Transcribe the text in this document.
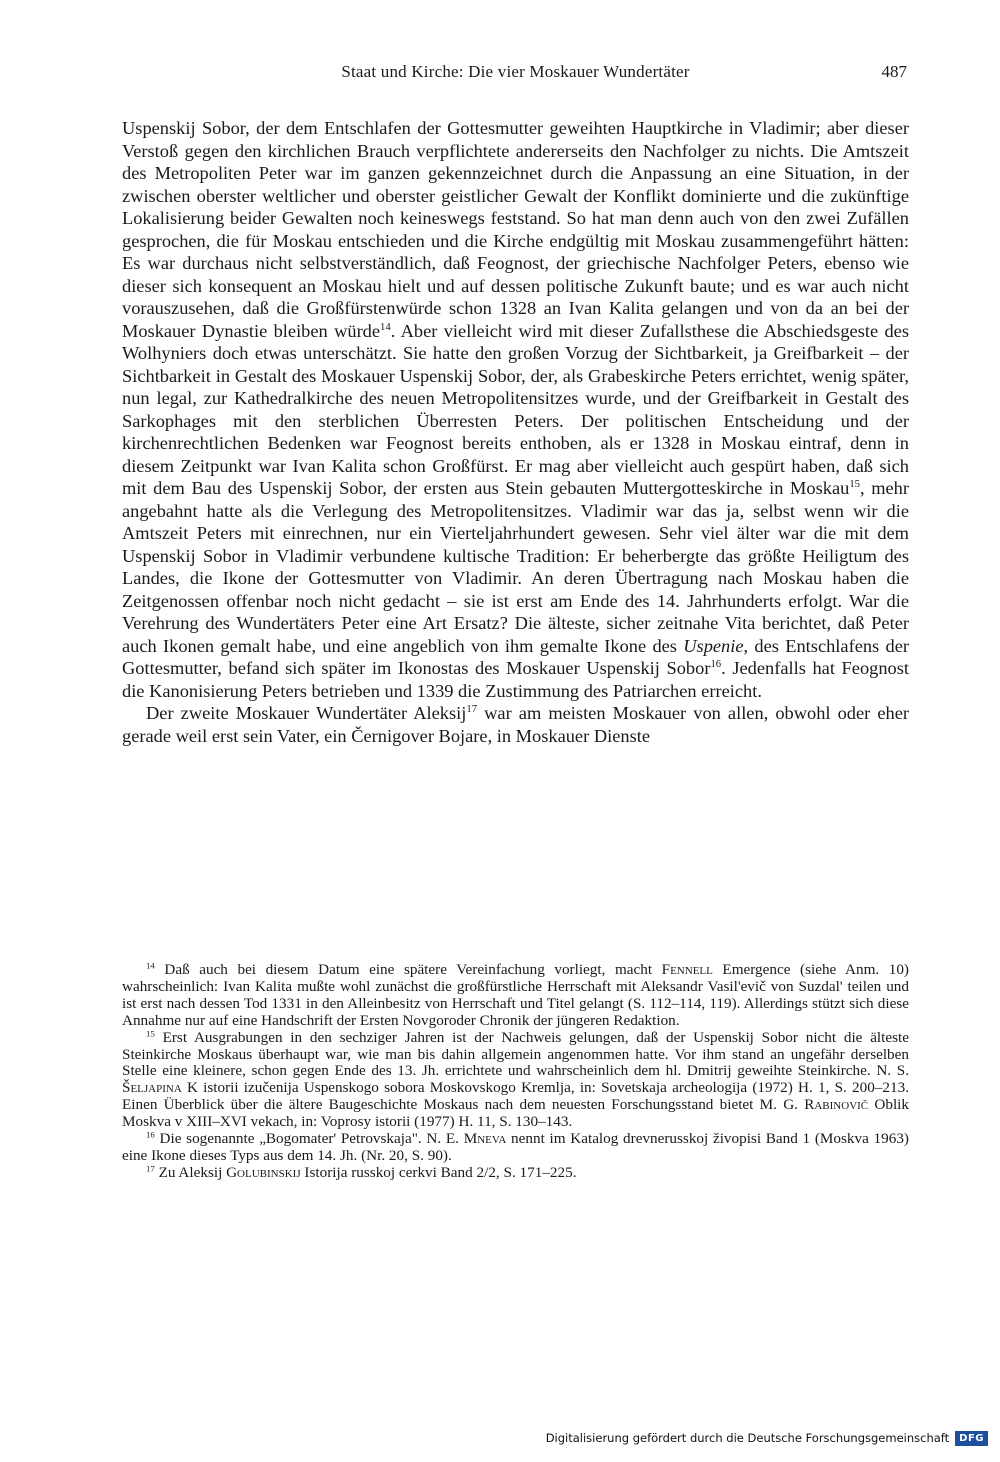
Staat und Kirche: Die vier Moskauer Wundertäter	487

Uspenskij Sobor, der dem Entschlafen der Gottesmutter geweihten Hauptkirche in Vladimir; aber dieser Verstoß gegen den kirchlichen Brauch verpflichtete andererseits den Nachfolger zu nichts. Die Amtszeit des Metropoliten Peter war im ganzen gekennzeichnet durch die Anpassung an eine Situation, in der zwischen oberster weltlicher und oberster geistlicher Gewalt der Konflikt dominierte und die zukünftige Lokalisierung beider Gewalten noch keineswegs feststand. So hat man denn auch von den zwei Zufällen gesprochen, die für Moskau entschieden und die Kirche endgültig mit Moskau zusammengeführt hätten: Es war durchaus nicht selbstverständlich, daß Feognost, der griechische Nachfolger Peters, ebenso wie dieser sich konsequent an Moskau hielt und auf dessen politische Zukunft baute; und es war auch nicht vorauszusehen, daß die Großfürstenwürde schon 1328 an Ivan Kalita gelangen und von da an bei der Moskauer Dynastie bleiben würde$^{14}$. Aber vielleicht wird mit dieser Zufallsthese die Abschiedsgeste des Wolhyniers doch etwas unterschätzt. Sie hatte den großen Vorzug der Sichtbarkeit, ja Greifbarkeit – der Sichtbarkeit in Gestalt des Moskauer Uspenskij Sobor, der, als Grabeskirche Peters errichtet, wenig später, nun legal, zur Kathedralkirche des neuen Metropolitensitzes wurde, und der Greifbarkeit in Gestalt des Sarkophages mit den sterblichen Überresten Peters. Der politischen Entscheidung und der kirchenrechtlichen Bedenken war Feognost bereits enthoben, als er 1328 in Moskau eintraf, denn in diesem Zeitpunkt war Ivan Kalita schon Großfürst. Er mag aber vielleicht auch gespürt haben, daß sich mit dem Bau des Uspenskij Sobor, der ersten aus Stein gebauten Muttergotteskirche in Moskau$^{15}$, mehr angebahnt hatte als die Verlegung des Metropolitensitzes. Vladimir war das ja, selbst wenn wir die Amtszeit Peters mit einrechnen, nur ein Vierteljahrhundert gewesen. Sehr viel älter war die mit dem Uspenskij Sobor in Vladimir verbundene kultische Tradition: Er beherbergte das größte Heiligtum des Landes, die Ikone der Gottesmutter von Vladimir. An deren Übertragung nach Moskau haben die Zeitgenossen offenbar noch nicht gedacht – sie ist erst am Ende des 14. Jahrhunderts erfolgt. War die Verehrung des Wundertäters Peter eine Art Ersatz? Die älteste, sicher zeitnahe Vita berichtet, daß Peter auch Ikonen gemalt habe, und eine angeblich von ihm gemalte Ikone des Uspenie, des Entschlafens der Gottesmutter, befand sich später im Ikonostas des Moskauer Uspenskij Sobor$^{16}$. Jedenfalls hat Feognost die Kanonisierung Peters betrieben und 1339 die Zustimmung des Patriarchen erreicht.

Der zweite Moskauer Wundertäter Aleksij$^{17}$ war am meisten Moskauer von allen, obwohl oder eher gerade weil erst sein Vater, ein Černigover Bojare, in Moskauer Dienste

$^{14}$ Daß auch bei diesem Datum eine spätere Vereinfachung vorliegt, macht Fennell Emergence (siehe Anm. 10) wahrscheinlich: Ivan Kalita mußte wohl zunächst die großfürstliche Herrschaft mit Aleksandr Vasil'evič von Suzdal' teilen und ist erst nach dessen Tod 1331 in den Alleinbesitz von Herrschaft und Titel gelangt (S. 112–114, 119). Allerdings stützt sich diese Annahme nur auf eine Handschrift der Ersten Novgoroder Chronik der jüngeren Redaktion.

$^{15}$ Erst Ausgrabungen in den sechziger Jahren ist der Nachweis gelungen, daß der Uspenskij Sobor nicht die älteste Steinkirche Moskaus überhaupt war, wie man bis dahin allgemein angenommen hatte. Vor ihm stand an ungefähr derselben Stelle eine kleinere, schon gegen Ende des 13. Jh. errichtete und wahrscheinlich dem hl. Dmitrij geweihte Steinkirche. N. S. Šeljapina K istorii izučenija Uspenskogo sobora Moskovskogo Kremlja, in: Sovetskaja archeologija (1972) H. 1, S. 200–213. Einen Überblick über die ältere Baugeschichte Moskaus nach dem neuesten Forschungsstand bietet M. G. Rabinovič Oblik Moskva v XIII–XVI vekach, in: Voprosy istorii (1977) H. 11, S. 130–143.

$^{16}$ Die sogenannte „Bogomater' Petrovskaja". N. E. Mneva nennt im Katalog drevnerusskoj živopisi Band 1 (Moskva 1963) eine Ikone dieses Typs aus dem 14. Jh. (Nr. 20, S. 90).

$^{17}$ Zu Aleksij Golubinskij Istorija russkoj cerkvi Band 2/2, S. 171–225.

Digitalisierung gefördert durch die Deutsche Forschungsgemeinschaft	DFG
